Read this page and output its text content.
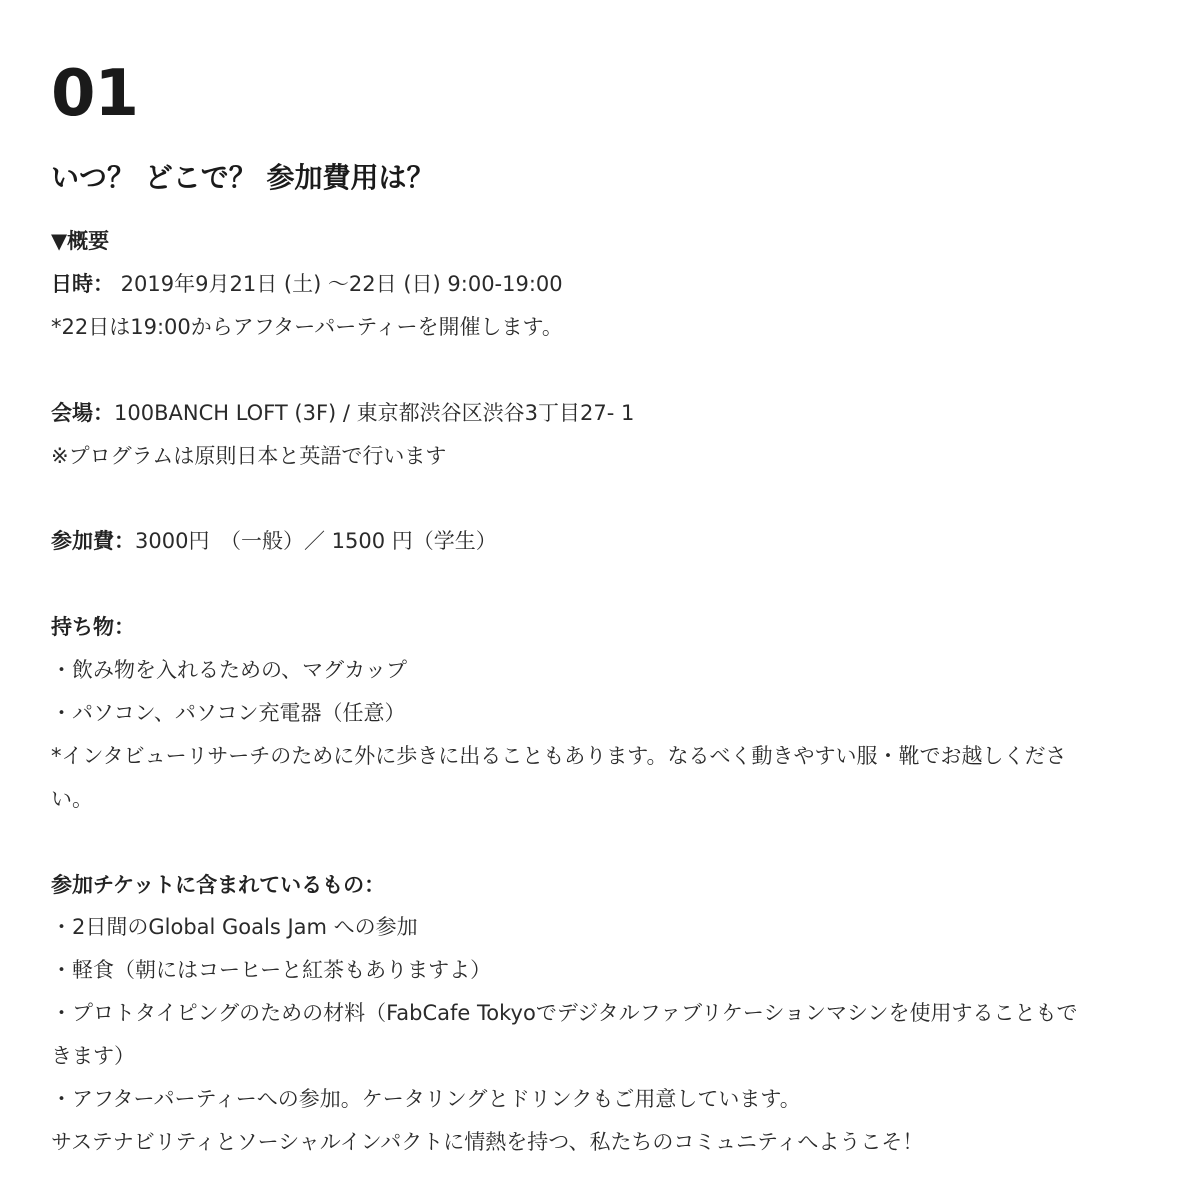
01
いつ？ どこで？ 参加費用は？
▼概要
日時： 2019年9月21日 (土) 〜22日 (日) 9:00-19:00
*22日は19:00からアフターパーティーを開催します。
会場：100BANCH LOFT (3F) / 東京都渋谷区渋谷3丁目27- 1
※プログラムは原則日本と英語で行います
参加費：3000円　（一般）／ 1500 円（学生）
持ち物：
・飲み物を入れるための、マグカップ
・パソコン、パソコン充電器（任意）
*インタビューリサーチのために外に歩きに出ることもあります。なるべく動きやすい服・靴でお越しくださ
い。
参加チケットに含まれているもの：
・2日間のGlobal Goals Jam への参加
・軽食（朝にはコーヒーと紅茶もありますよ）
・プロトタイピングのための材料（FabCafe Tokyoでデジタルファブリケーションマシンを使用することもで
きます）
・アフターパーティーへの参加。ケータリングとドリンクもご用意しています。
サステナビリティとソーシャルインパクトに情熱を持つ、私たちのコミュニティへようこそ！
